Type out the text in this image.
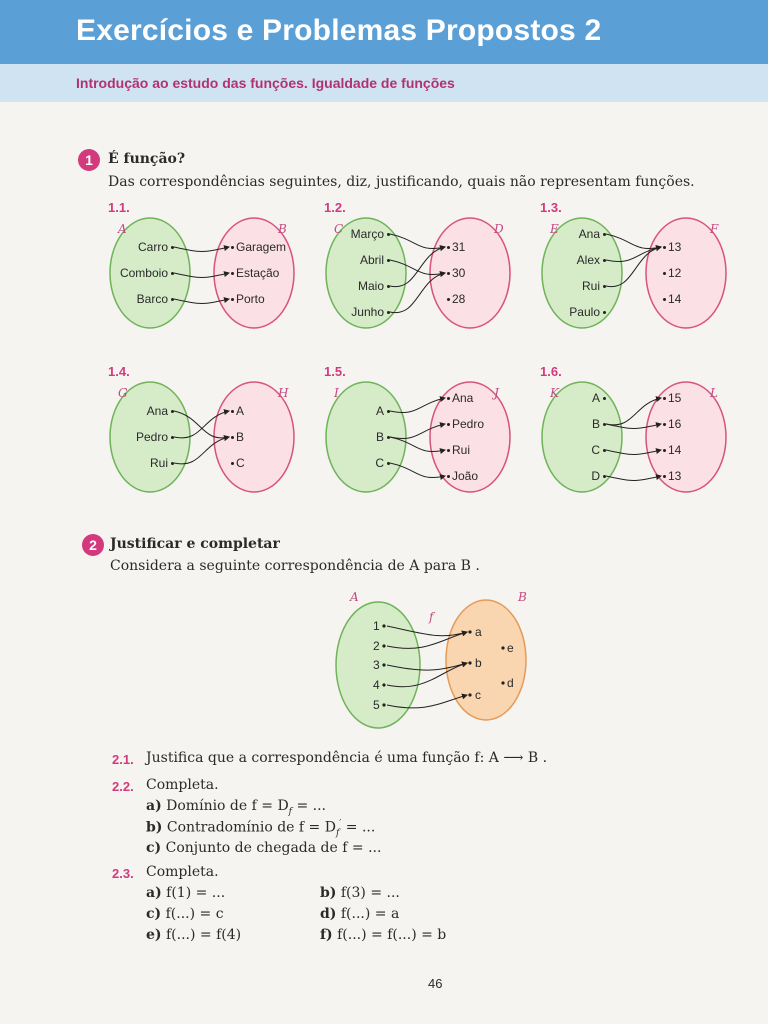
Exercícios e Problemas Propostos 2
Introdução ao estudo das funções. Igualdade de funções
1	É função?
Das correspondências seguintes, diz, justificando, quais não representam funções.
1.1.
A	B
Carro
Comboio
Barco
Garagem
Estação
Porto
1.2.
C	D
Março
Abril
Maio
Junho
31
30
28
1.3.
E	F
Ana
Alex
Rui
Paulo
13
12
14
1.4.
G	H
Ana
Pedro
Rui
A
B
C
1.5.
I	J
A
B
C
Ana
Pedro
Rui
João
1.6.
K	L
A
B
C
D
15
16
14
13
2 Justificar e completar
Considera a seguinte correspondência de A para B .
A	B
f
1
2
3
4
5
a
e
b
d
c
2.1. Justifica que a correspondência é uma função f: A ⟶ B .
2.2. Completa.
a) Domínio de $f = D_f$ = ...
b) Contradomínio de $f = D_f'$ = ...
c) Conjunto de chegada de f = ...
2.3. Completa.
a) f(1) = ...	b) f(3) = ...
c) f(...) = c	d) f(...) = a
e) f(...) = f(4)	f) f(...) = f(...) = b
46
